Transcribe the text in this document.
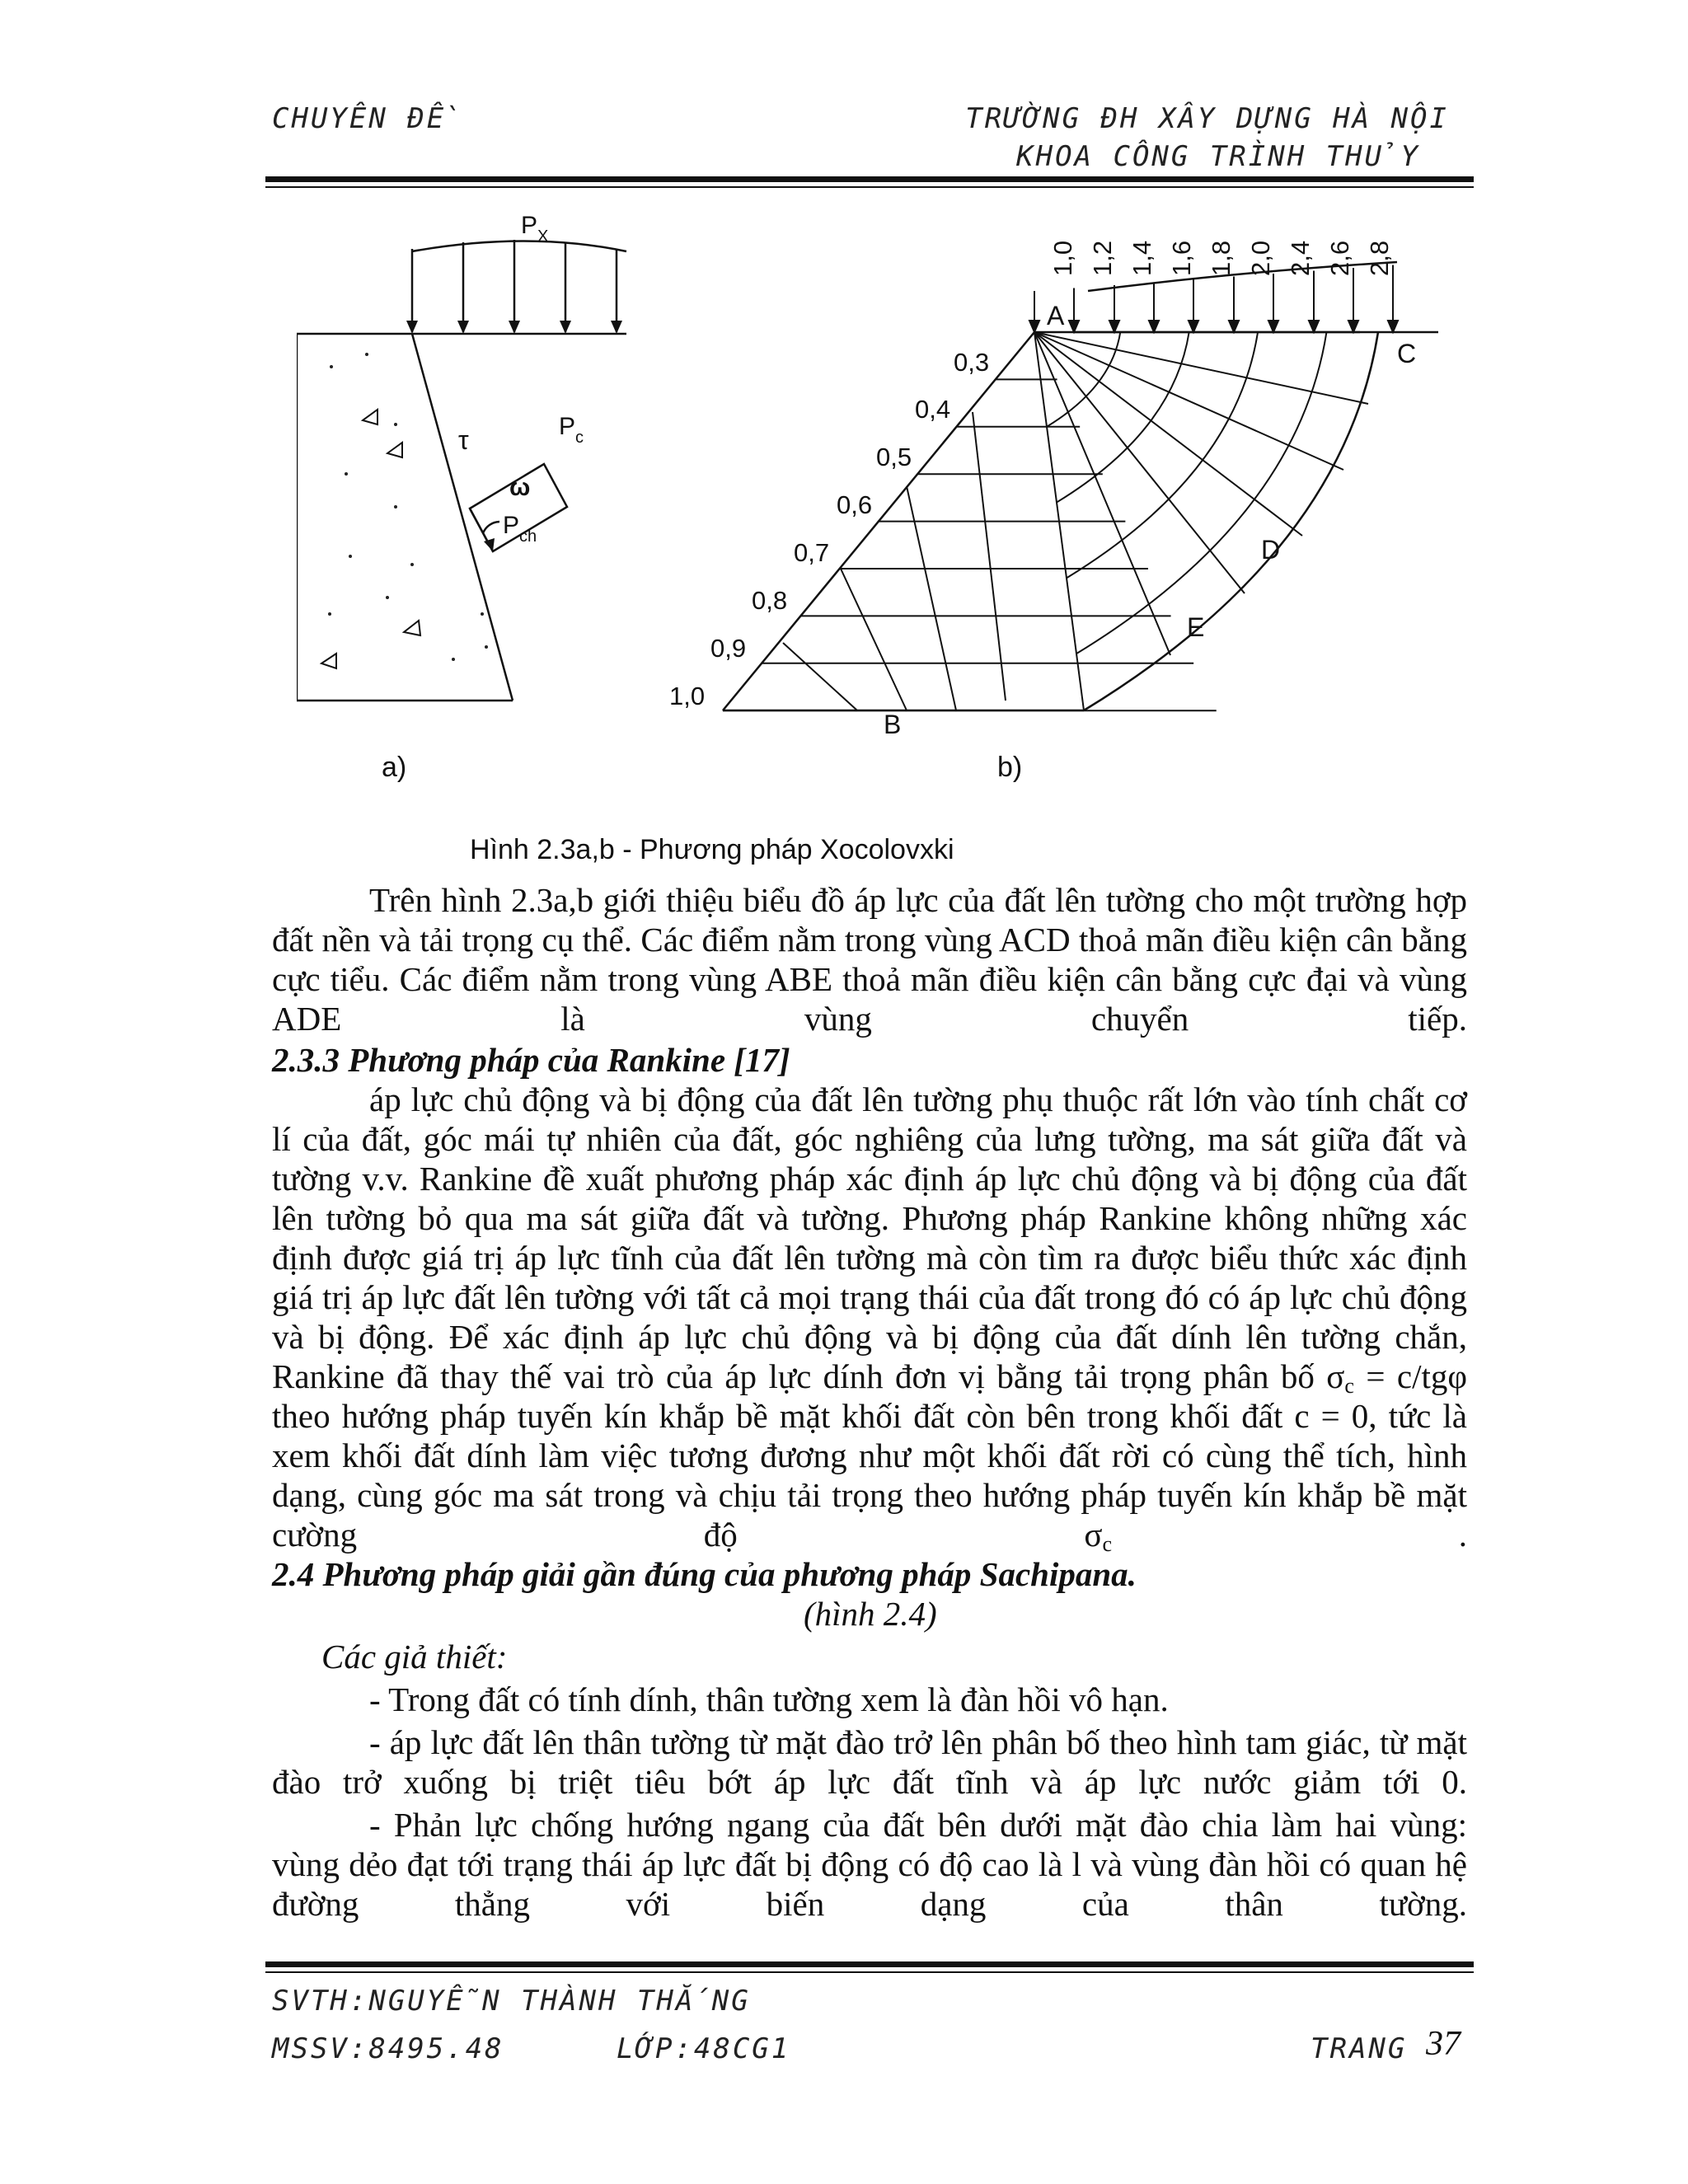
CHUYÊN ĐỀ	TRƯỜNG ĐH XÂY DỰNG HÀ NỘI
KHOA CÔNG TRÌNH THỦY
$P_X$
τ	$P_c$
ω
$P_{ch}$
1,0 1,2 1,4 1,6 1,8 2,0 2,4 2,6 2,8
0,3
0,4
0,5
0,6
0,7
0,8
0,9
1,0
A
B
C
D
E
a)	b)
Hình 2.3a,b - Phương pháp Xocolovxki

Trên hình 2.3a,b giới thiệu biểu đồ áp lực của đất lên tường cho một trường hợp đất nền và tải trọng cụ thể. Các điểm nằm trong vùng ACD thoả mãn điều kiện cân bằng cực tiểu. Các điểm nằm trong vùng ABE thoả mãn điều kiện cân bằng cực đại và vùng ADE là vùng chuyển tiếp.

2.3.3 Phương pháp của Rankine [17]

áp lực chủ động và bị động của đất lên tường phụ thuộc rất lớn vào tính chất cơ lí của đất, góc mái tự nhiên của đất, góc nghiêng của lưng tường, ma sát giữa đất và tường v.v. Rankine đề xuất phương pháp xác định áp lực chủ động và bị động của đất lên tường bỏ qua ma sát giữa đất và tường. Phương pháp Rankine không những xác định được giá trị áp lực tĩnh của đất lên tường mà còn tìm ra được biểu thức xác định giá trị áp lực đất lên tường với tất cả mọi trạng thái của đất trong đó có áp lực chủ động và bị động. Để xác định áp lực chủ động và bị động của đất dính lên tường chắn, Rankine đã thay thế vai trò của áp lực dính đơn vị bằng tải trọng phân bố $\sigma_c = c/tg\varphi$ theo hướng pháp tuyến kín khắp bề mặt khối đất còn bên trong khối đất c = 0, tức là xem khối đất dính làm việc tương đương như một khối đất rời có cùng thể tích, hình dạng, cùng góc ma sát trong và chịu tải trọng theo hướng pháp tuyến kín khắp bề mặt cường độ $\sigma_c$ .

2.4 Phương pháp giải gần đúng của phương pháp Sachipana.

(hình 2.4)

Các giả thiết:

- Trong đất có tính dính, thân tường xem là đàn hồi vô hạn.

- áp lực đất lên thân tường từ mặt đào trở lên phân bố theo hình tam giác, từ mặt đào trở xuống bị triệt tiêu bớt áp lực đất tĩnh và áp lực nước giảm tới 0.

- Phản lực chống hướng ngang của đất bên dưới mặt đào chia làm hai vùng: vùng dẻo đạt tới trạng thái áp lực đất bị động có độ cao là l và vùng đàn hồi có quan hệ đường thẳng với biến dạng của thân tường.

SVTH:NGUYỄN THÀNH THẮNG
MSSV:8495.48	LỚP:48CG1	TRANG 37
